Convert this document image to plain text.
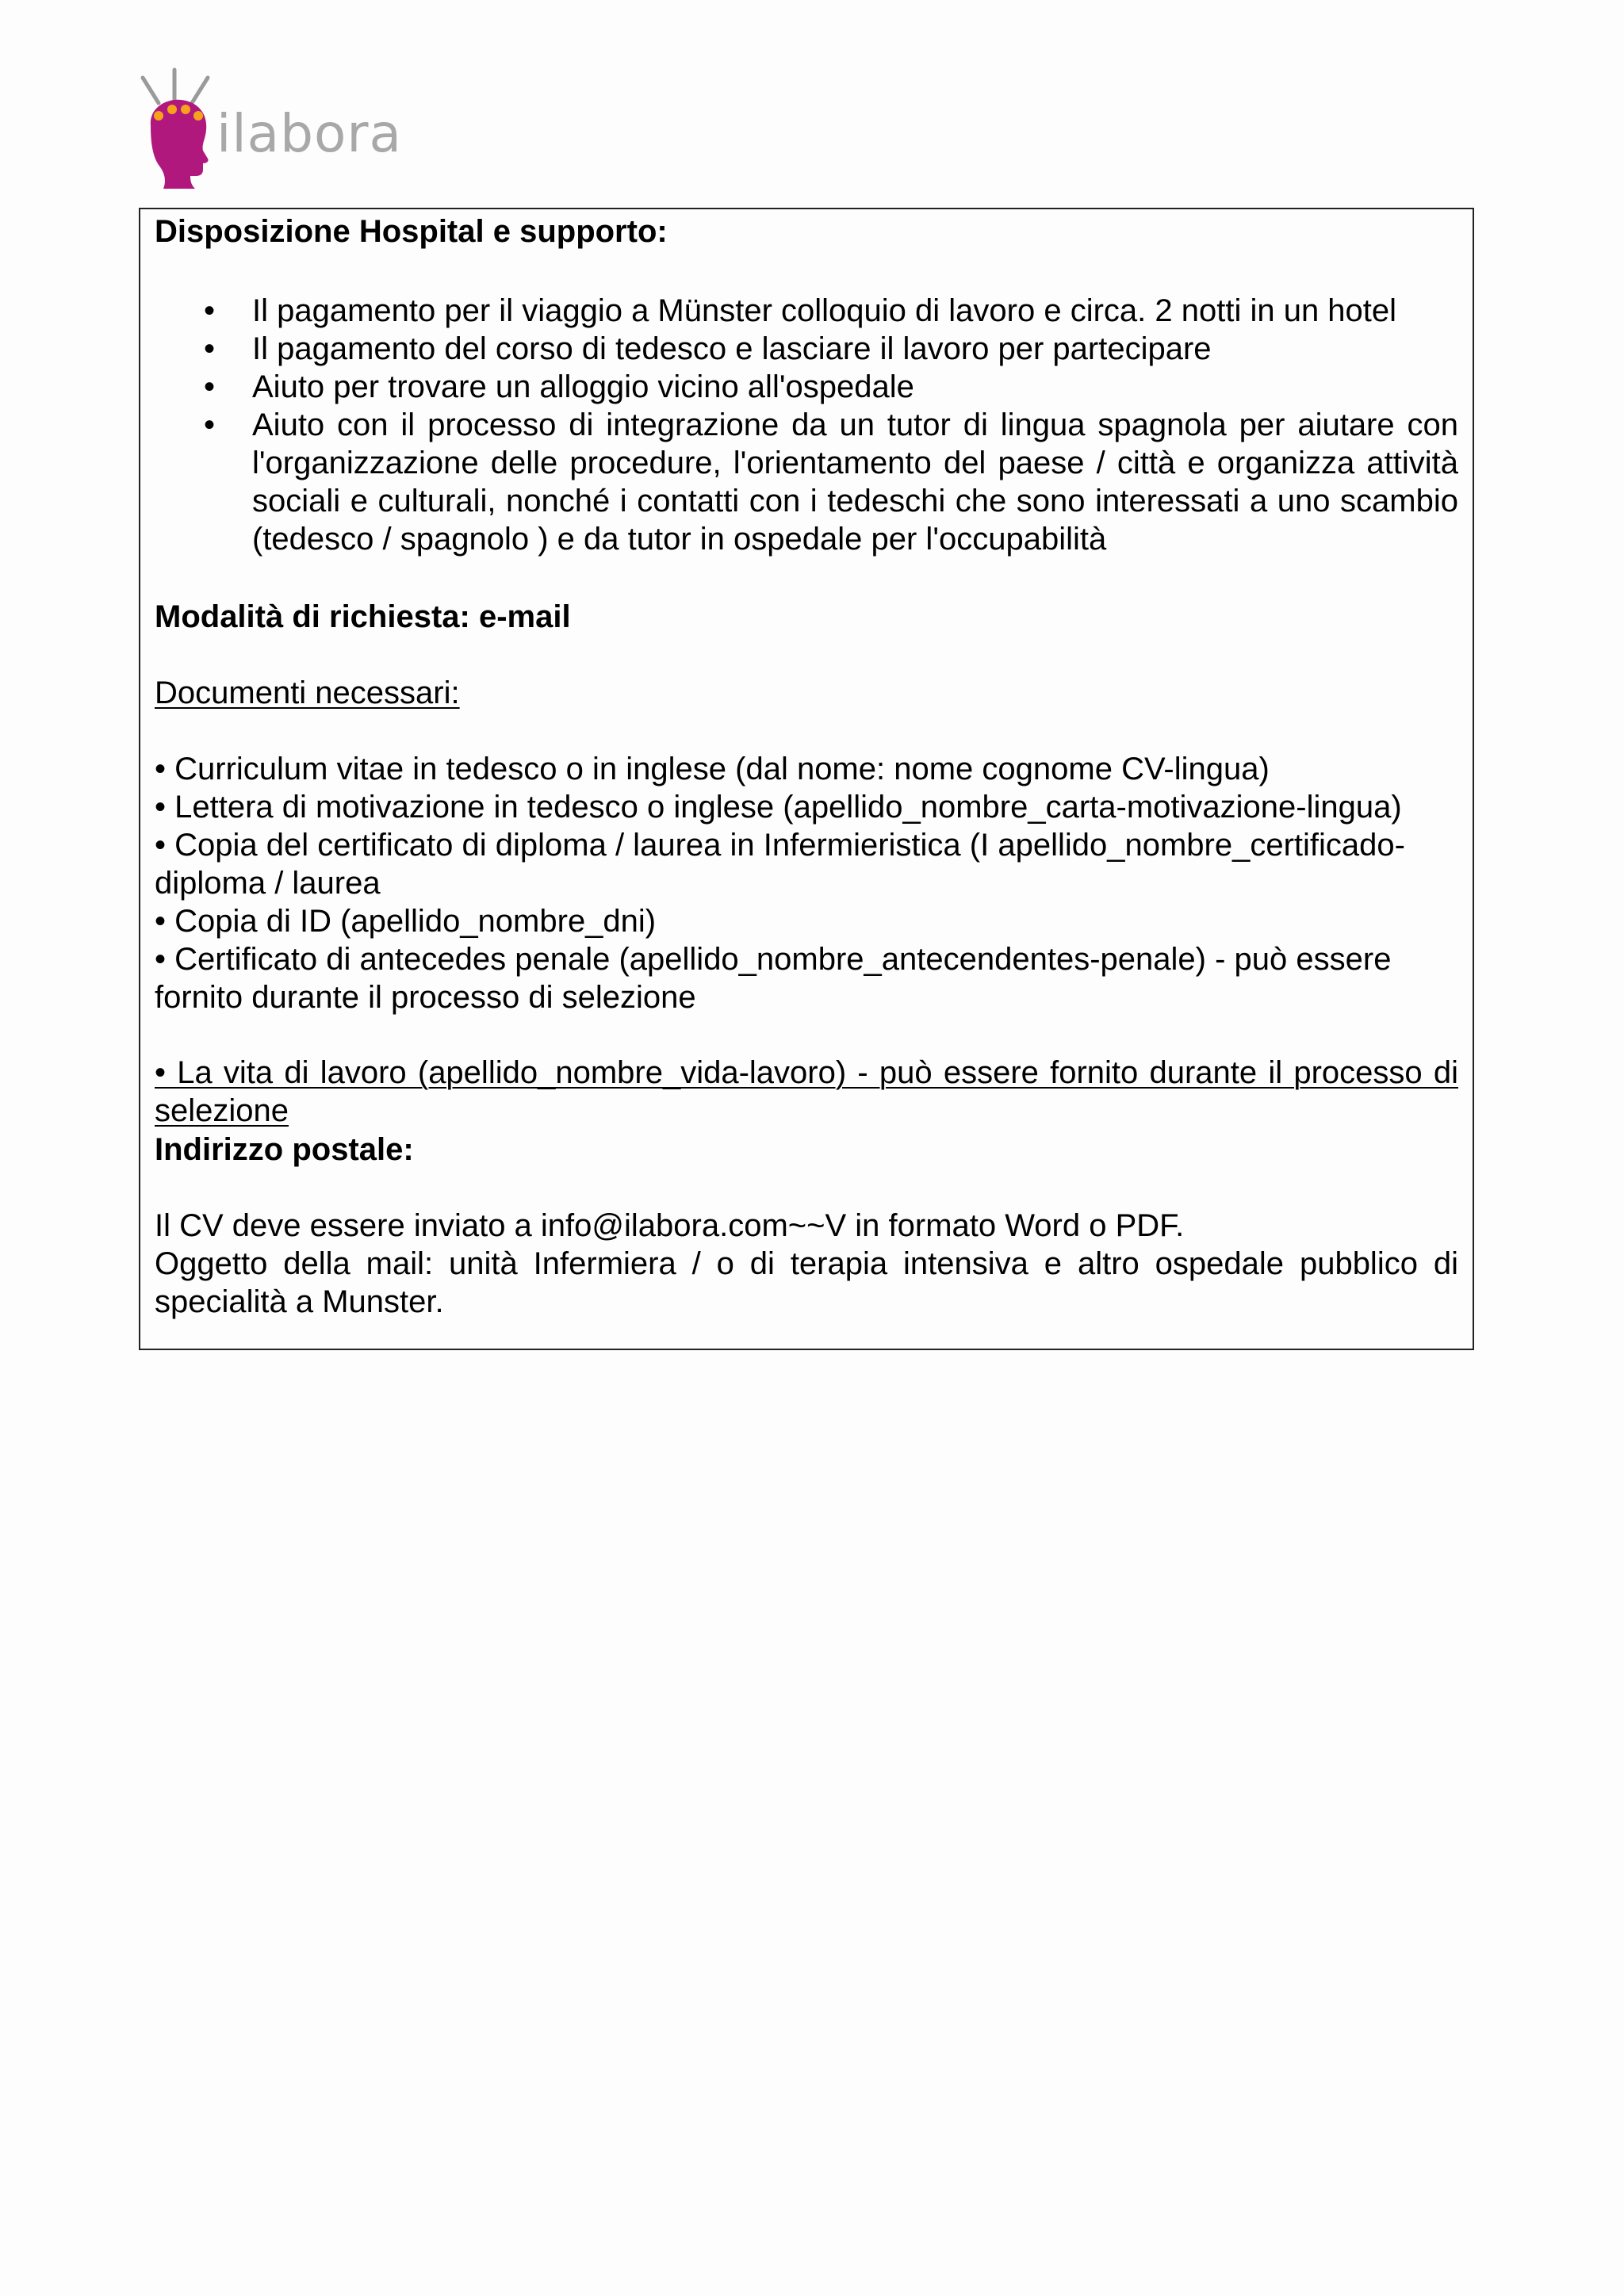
ilabora
Disposizione Hospital e supporto:
• Il pagamento per il viaggio a Münster colloquio di lavoro e circa. 2 notti in un hotel
• Il pagamento del corso di tedesco e lasciare il lavoro per partecipare
• Aiuto per trovare un alloggio vicino all'ospedale
• Aiuto con il processo di integrazione da un tutor di lingua spagnola per aiutare con l'organizzazione delle procedure, l'orientamento del paese / città e organizza attività sociali e culturali, nonché i contatti con i tedeschi che sono interessati a uno scambio (tedesco / spagnolo ) e da tutor in ospedale per l'occupabilità
Modalità di richiesta: e-mail
Documenti necessari:
• Curriculum vitae in tedesco o in inglese (dal nome: nome cognome CV-lingua)
• Lettera di motivazione in tedesco o inglese (apellido_nombre_carta-motivazione-lingua)
• Copia del certificato di diploma / laurea in Infermieristica (I apellido_nombre_certificado-diploma / laurea
• Copia di ID (apellido_nombre_dni)
• Certificato di antecedes penale (apellido_nombre_antecendentes-penale) - può essere fornito durante il processo di selezione
• La vita di lavoro (apellido_nombre_vida-lavoro) - può essere fornito durante il processo di selezione
Indirizzo postale:
Il CV deve essere inviato a info@ilabora.com~~V in formato Word o PDF.
Oggetto della mail: unità Infermiera / o di terapia intensiva e altro ospedale pubblico di specialità a Munster.
